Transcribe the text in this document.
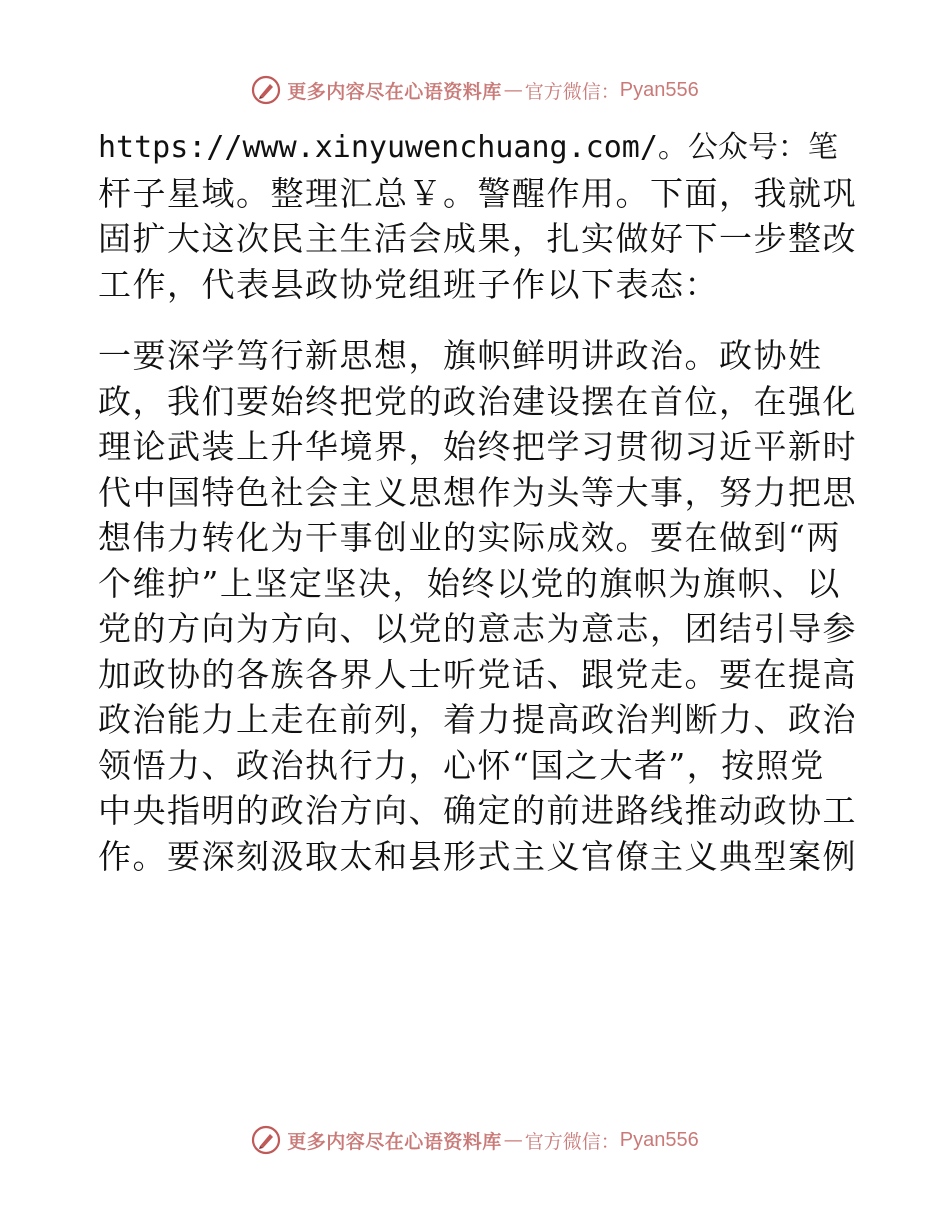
更多内容尽在心语资料库 — 官方微信： Pyan556
https://www.xinyuwenchuang.com/。公众号：笔
杆子星域。整理汇总￥。警醒作用。下面，我就巩
固扩大这次民主生活会成果，扎实做好下一步整改
工作，代表县政协党组班子作以下表态：
一要深学笃行新思想，旗帜鲜明讲政治。政协姓
政，我们要始终把党的政治建设摆在首位，在强化
理论武装上升华境界，始终把学习贯彻习近平新时
代中国特色社会主义思想作为头等大事，努力把思
想伟力转化为干事创业的实际成效。要在做到“两
个维护”上坚定坚决，始终以党的旗帜为旗帜、以
党的方向为方向、以党的意志为意志，团结引导参
加政协的各族各界人士听党话、跟党走。要在提高
政治能力上走在前列，着力提高政治判断力、政治
领悟力、政治执行力，心怀“国之大者”，按照党
中央指明的政治方向、确定的前进路线推动政协工
作。要深刻汲取太和县形式主义官僚主义典型案例
更多内容尽在心语资料库 — 官方微信： Pyan556
